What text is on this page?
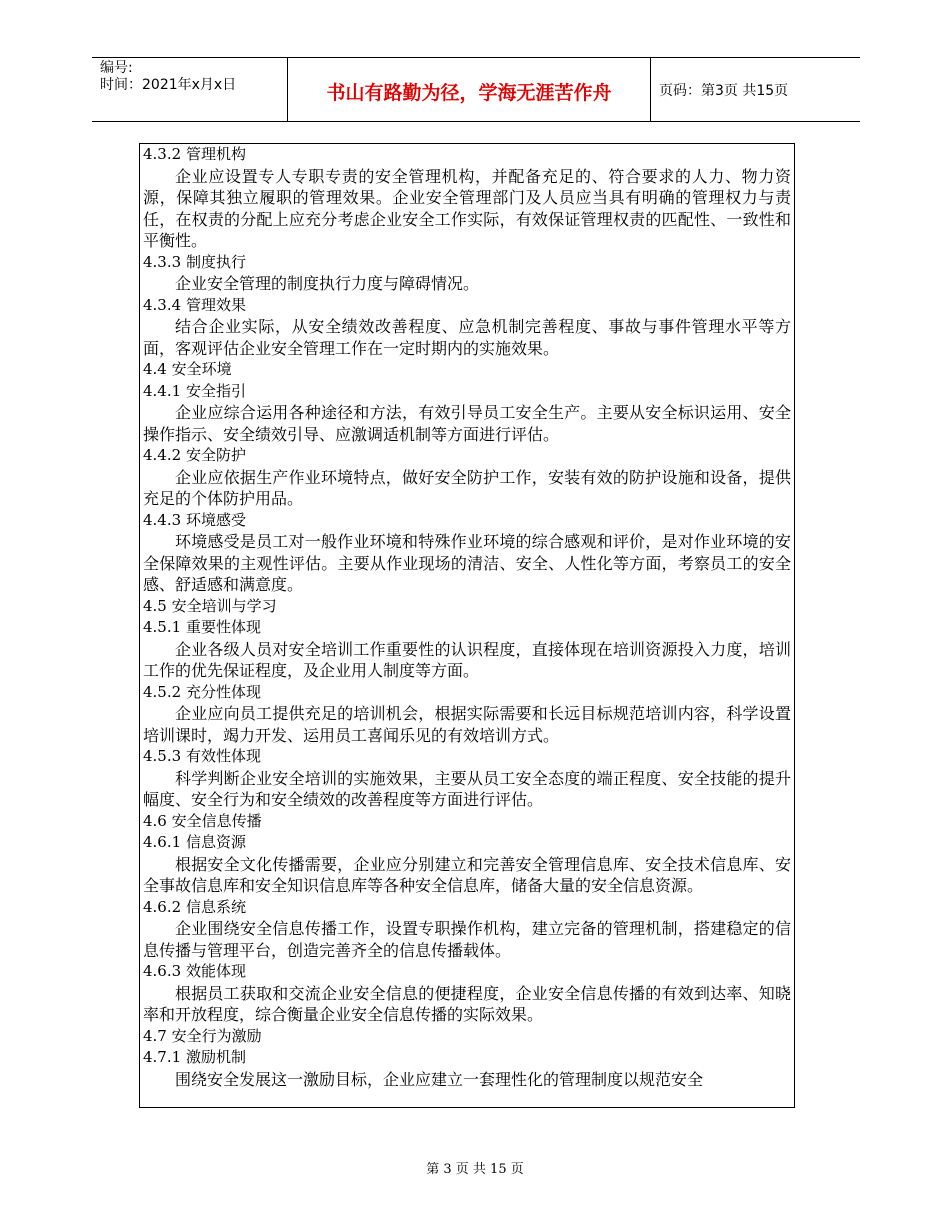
编号:
时间：2021年x月x日	书山有路勤为径，学海无涯苦作舟	页码：第3页 共15页

4.3.2 管理机构

企业应设置专人专职专责的安全管理机构，并配备充足的、符合要求的人力、物力资源，保障其独立履职的管理效果。企业安全管理部门及人员应当具有明确的管理权力与责任，在权责的分配上应充分考虑企业安全工作实际，有效保证管理权责的匹配性、一致性和平衡性。

4.3.3 制度执行

企业安全管理的制度执行力度与障碍情况。

4.3.4 管理效果

结合企业实际，从安全绩效改善程度、应急机制完善程度、事故与事件管理水平等方面，客观评估企业安全管理工作在一定时期内的实施效果。

4.4 安全环境

4.4.1 安全指引

企业应综合运用各种途径和方法，有效引导员工安全生产。主要从安全标识运用、安全操作指示、安全绩效引导、应激调适机制等方面进行评估。

4.4.2 安全防护

企业应依据生产作业环境特点，做好安全防护工作，安装有效的防护设施和设备，提供充足的个体防护用品。

4.4.3 环境感受

环境感受是员工对一般作业环境和特殊作业环境的综合感观和评价，是对作业环境的安全保障效果的主观性评估。主要从作业现场的清洁、安全、人性化等方面，考察员工的安全感、舒适感和满意度。

4.5 安全培训与学习

4.5.1 重要性体现

企业各级人员对安全培训工作重要性的认识程度，直接体现在培训资源投入力度，培训工作的优先保证程度，及企业用人制度等方面。

4.5.2 充分性体现

企业应向员工提供充足的培训机会，根据实际需要和长远目标规范培训内容，科学设置培训课时，竭力开发、运用员工喜闻乐见的有效培训方式。

4.5.3 有效性体现

科学判断企业安全培训的实施效果，主要从员工安全态度的端正程度、安全技能的提升幅度、安全行为和安全绩效的改善程度等方面进行评估。

4.6 安全信息传播

4.6.1 信息资源

根据安全文化传播需要，企业应分别建立和完善安全管理信息库、安全技术信息库、安全事故信息库和安全知识信息库等各种安全信息库，储备大量的安全信息资源。

4.6.2 信息系统

企业围绕安全信息传播工作，设置专职操作机构，建立完备的管理机制，搭建稳定的信息传播与管理平台，创造完善齐全的信息传播载体。

4.6.3 效能体现

根据员工获取和交流企业安全信息的便捷程度，企业安全信息传播的有效到达率、知晓率和开放程度，综合衡量企业安全信息传播的实际效果。

4.7 安全行为激励

4.7.1 激励机制

围绕安全发展这一激励目标，企业应建立一套理性化的管理制度以规范安全

第 3 页 共 15 页
